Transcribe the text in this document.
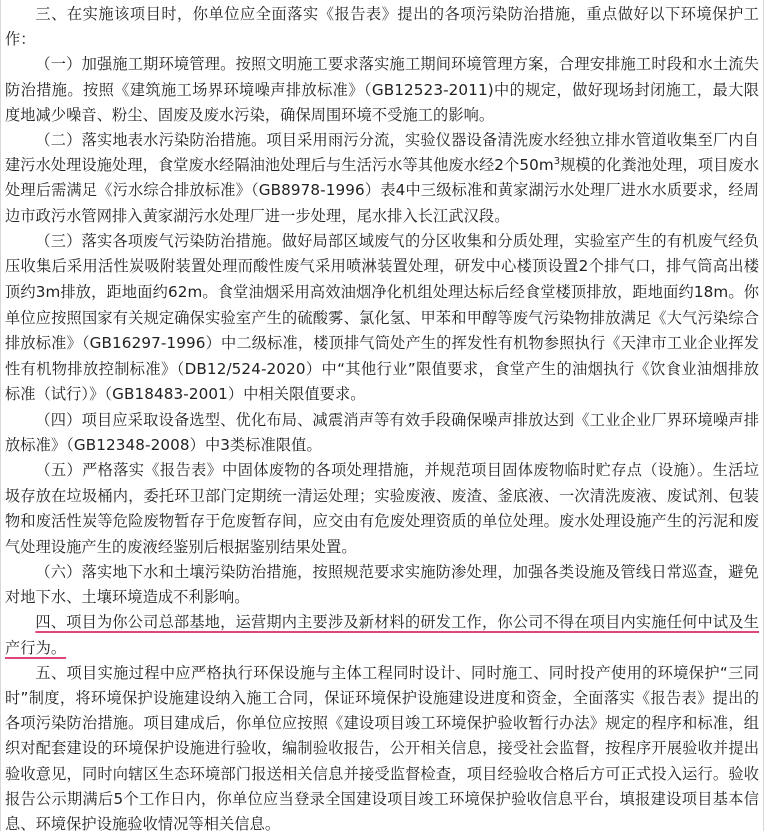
三、在实施该项目时，你单位应全面落实《报告表》提出的各项污染防治措施，重点做好以下环境保护工作：

（一）加强施工期环境管理。按照文明施工要求落实施工期间环境管理方案，合理安排施工时段和水土流失防治措施。按照《建筑施工场界环境噪声排放标准》（GB12523-2011)中的规定，做好现场封闭施工，最大限度地减少噪音、粉尘、固废及废水污染，确保周围环境不受施工的影响。

（二）落实地表水污染防治措施。项目采用雨污分流，实验仪器设备清洗废水经独立排水管道收集至厂内自建污水处理设施处理，食堂废水经隔油池处理后与生活污水等其他废水经2个$50m^3$规模的化粪池处理，项目废水处理后需满足《污水综合排放标准》（GB8978-1996）表4中三级标准和黄家湖污水处理厂进水水质要求，经周边市政污水管网排入黄家湖污水处理厂进一步处理，尾水排入长江武汉段。

（三）落实各项废气污染防治措施。做好局部区域废气的分区收集和分质处理，实验室产生的有机废气经负压收集后采用活性炭吸附装置处理而酸性废气采用喷淋装置处理，研发中心楼顶设置2个排气口，排气筒高出楼顶约3m排放，距地面约62m。食堂油烟采用高效油烟净化机组处理达标后经食堂楼顶排放，距地面约18m。你单位应按照国家有关规定确保实验室产生的硫酸雾、氯化氢、甲苯和甲醇等废气污染物排放满足《大气污染综合排放标准》（GB16297-1996）中二级标准，楼顶排气筒处产生的挥发性有机物参照执行《天津市工业企业挥发性有机物排放控制标准》（DB12/524-2020）中“其他行业”限值要求，食堂产生的油烟执行《饮食业油烟排放标准（试行）》（GB18483-2001）中相关限值要求。

（四）项目应采取设备选型、优化布局、减震消声等有效手段确保噪声排放达到《工业企业厂界环境噪声排放标准》（GB12348-2008）中3类标准限值。

（五）严格落实《报告表》中固体废物的各项处理措施，并规范项目固体废物临时贮存点（设施）。生活垃圾存放在垃圾桶内，委托环卫部门定期统一清运处理；实验废液、废渣、釜底液、一次清洗废液、废试剂、包装物和废活性炭等危险废物暂存于危废暂存间，应交由有危废处理资质的单位处理。废水处理设施产生的污泥和废气处理设施产生的废液经鉴别后根据鉴别结果处置。

（六）落实地下水和土壤污染防治措施，按照规范要求实施防渗处理，加强各类设施及管线日常巡查，避免对地下水、土壤环境造成不利影响。

四、项目为你公司总部基地，运营期内主要涉及新材料的研发工作，你公司不得在项目内实施任何中试及生产行为。

五、项目实施过程中应严格执行环保设施与主体工程同时设计、同时施工、同时投产使用的环境保护“三同时”制度，将环境保护设施建设纳入施工合同，保证环境保护设施建设进度和资金，全面落实《报告表》提出的各项污染防治措施。项目建成后，你单位应按照《建设项目竣工环境保护验收暂行办法》规定的程序和标准，组织对配套建设的环境保护设施进行验收，编制验收报告，公开相关信息，接受社会监督，按程序开展验收并提出验收意见，同时向辖区生态环境部门报送相关信息并接受监督检查，项目经验收合格后方可正式投入运行。验收报告公示期满后5个工作日内，你单位应当登录全国建设项目竣工环境保护验收信息平台，填报建设项目基本信息、环境保护设施验收情况等相关信息。
